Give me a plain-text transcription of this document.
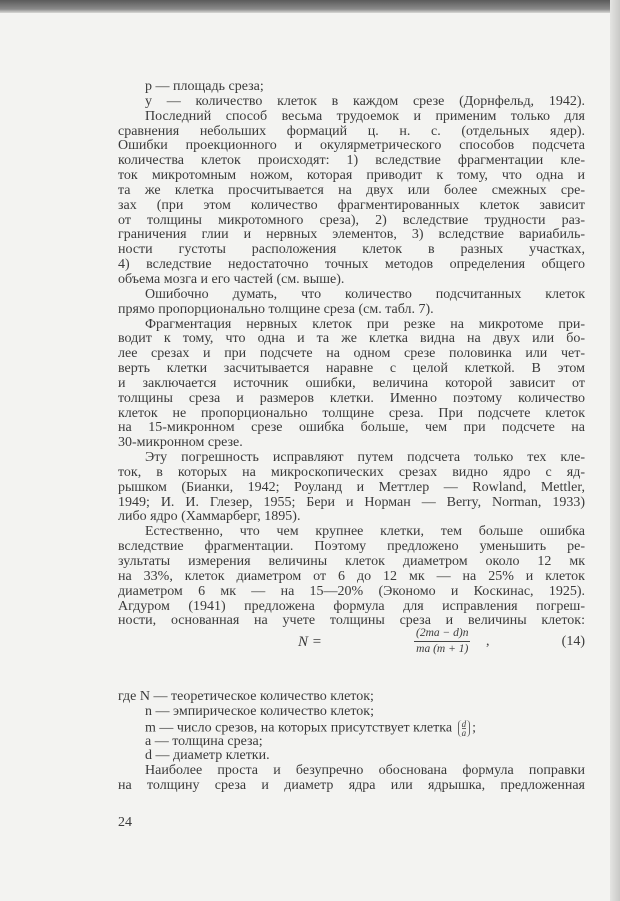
p — площадь среза;
y — количество клеток в каждом срезе (Дорнфельд, 1942).
Последний способ весьма трудоемок и применим только для
сравнения небольших формаций ц. н. с. (отдельных ядер).
Ошибки проекционного и окулярметрического способов подсчета
количества клеток происходят: 1) вследствие фрагментации кле-
ток микротомным ножом, которая приводит к тому, что одна и
та же клетка просчитывается на двух или более смежных сре-
зах (при этом количество фрагментированных клеток зависит
от толщины микротомного среза), 2) вследствие трудности раз-
граничения глии и нервных элементов, 3) вследствие вариабиль-
ности густоты расположения клеток в разных участках,
4) вследствие недостаточно точных методов определения общего
объема мозга и его частей (см. выше).
Ошибочно думать, что количество подсчитанных клеток
прямо пропорционально толщине среза (см. табл. 7).
Фрагментация нервных клеток при резке на микротоме при-
водит к тому, что одна и та же клетка видна на двух или бо-
лее срезах и при подсчете на одном срезе половинка или чет-
верть клетки засчитывается наравне с целой клеткой. В этом
и заключается источник ошибки, величина которой зависит от
толщины среза и размеров клетки. Именно поэтому количество
клеток не пропорционально толщине среза. При подсчете клеток
на 15-микронном срезе ошибка больше, чем при подсчете на
30-микронном срезе.
Эту погрешность исправляют путем подсчета только тех кле-
ток, в которых на микроскопических срезах видно ядро с яд-
рышком (Бианки, 1942; Роуланд и Меттлер — Rowland, Mettler,
1949; И. И. Глезер, 1955; Бери и Норман — Berry, Norman, 1933)
либо ядро (Хаммарберг, 1895).
Естественно, что чем крупнее клетки, тем больше ошибка
вследствие фрагментации. Поэтому предложено уменьшить ре-
зультаты измерения величины клеток диаметром около 12 мк
на 33%, клеток диаметром от 6 до 12 мк — на 25% и клеток
диаметром 6 мк — на 15—20% (Экономо и Коскинас, 1925).
Агдуром (1941) предложена формула для исправления погреш-
ности, основанная на учете толщины среза и величины клеток:
N =	$\frac{(2ma - d)n}{ma (m + 1)}$ ,	(14)
где N — теоретическое количество клеток;
n — эмпирическое количество клеток;
m — число срезов, на которых присутствует клетка $\frac{d}{a}$ ;
a — толщина среза;
d — диаметр клетки.
Наиболее проста и безупречно обоснована формула поправки
на толщину среза и диаметр ядра или ядрышка, предложенная
24
